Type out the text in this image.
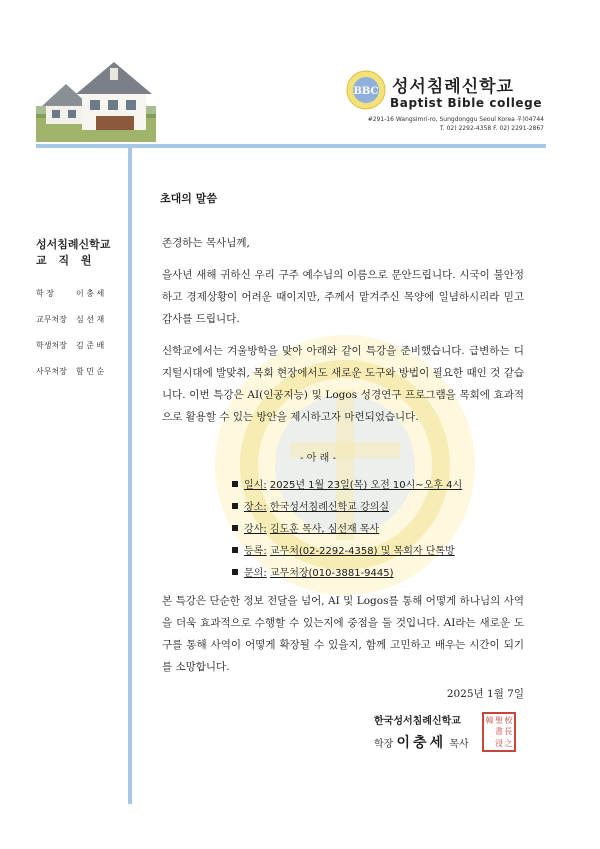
BBC 성서침례신학교
Baptist Bible college
#291-16 Wangsimri-ro, Sungdonggu Seoul Korea 우)04744
T. 02) 2292-4358 F. 02) 2291-2867
성서침례신학교
교 직 원
학 장	이 충 세
교무처장 심 선 재
학생처장 김 준 배
사무처장 함 민 순
초대의 말씀
존경하는 목사님께,
을사년 새해 귀하신 우리 구주 예수님의 이름으로 문안드립니다. 시국이 불안정하고 경제상황이 어려운 때이지만, 주께서 맡겨주신 목양에 일념하시리라 믿고 감사를 드립니다.
신학교에서는 겨울방학을 맞아 아래와 같이 특강을 준비했습니다. 급변하는 디지털시대에 발맞춰, 목회 현장에서도 새로운 도구와 방법이 필요한 때인 것 같습니다. 이번 특강은 AI(인공지능) 및 Logos 성경연구 프로그램을 목회에 효과적으로 활용할 수 있는 방안을 제시하고자 마련되었습니다.
- 아 래 -
일시: 2025년 1월 23일(목) 오전 10시~오후 4시
장소: 한국성서침례신학교 강의실
강사: 김도훈 목사, 심선재 목사
등록: 교무처(02-2292-4358) 및 목회자 단톡방
문의: 교무처장(010-3881-9445)
본 특강은 단순한 정보 전달을 넘어, AI 및 Logos를 통해 어떻게 하나님의 사역을 더욱 효과적으로 수행할 수 있는지에 중점을 둘 것입니다. AI라는 새로운 도구를 통해 사역이 어떻게 확장될 수 있을지, 함께 고민하고 배우는 시간이 되기를 소망합니다.
2025년 1월 7일
한국성서침례신학교
학장 이충세 목사
韓 聖 校
書 長
浸 之
